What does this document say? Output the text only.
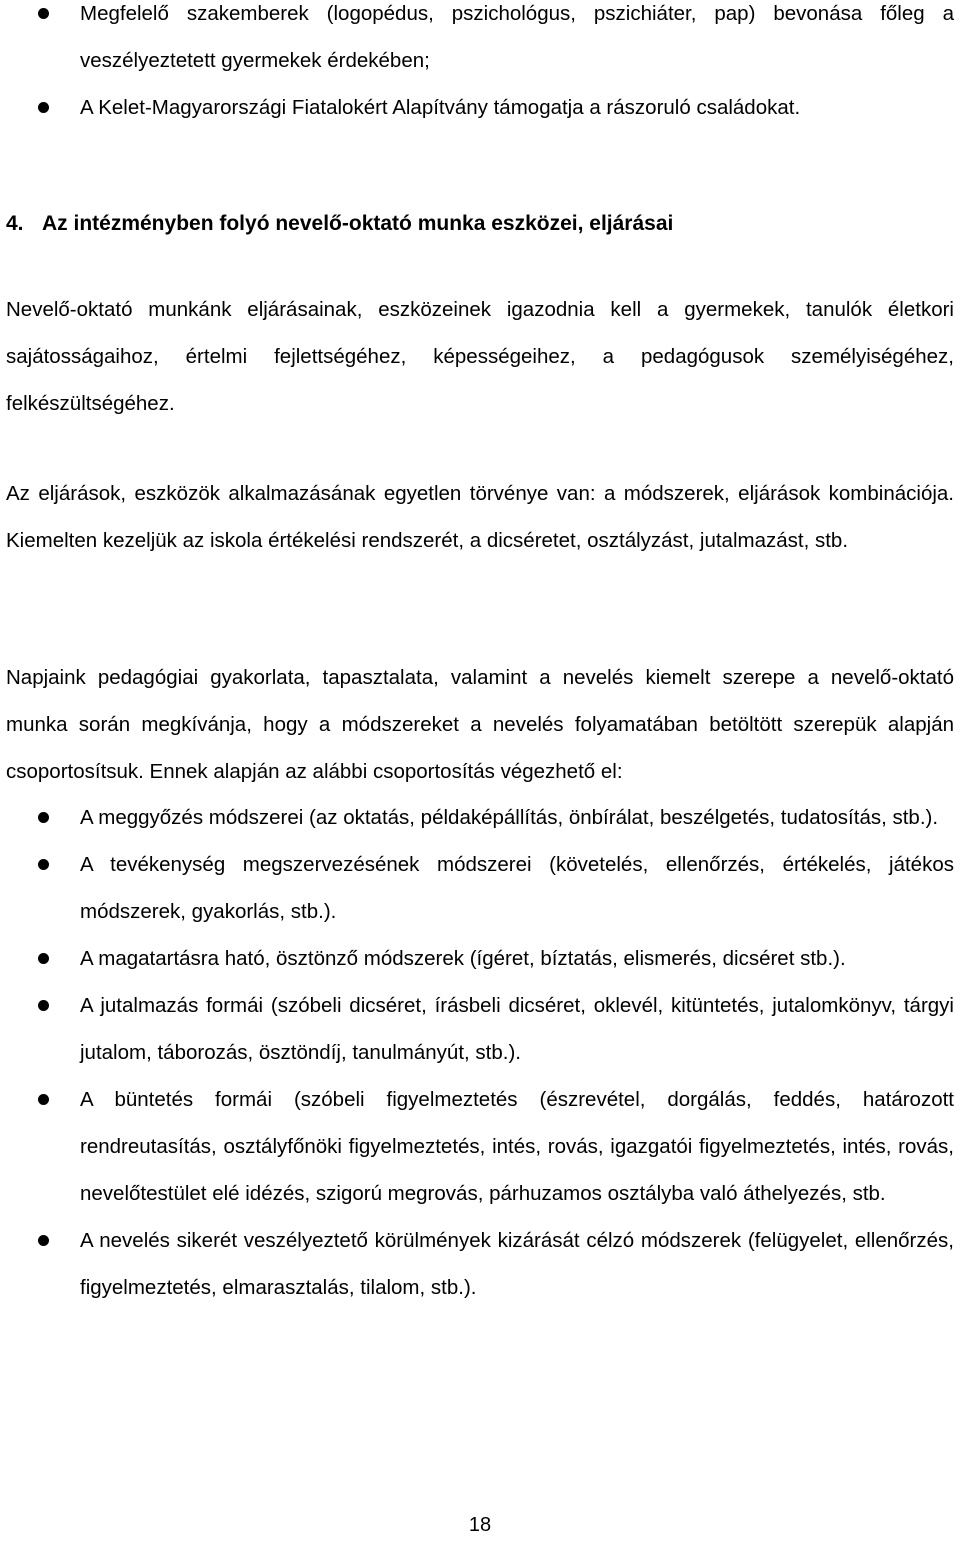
Megfelelő szakemberek (logopédus, pszichológus, pszichiáter, pap) bevonása főleg a veszélyeztetett gyermekek érdekében;
A Kelet-Magyarországi Fiatalokért Alapítvány támogatja a rászoruló családokat.
4. Az intézményben folyó nevelő-oktató munka eszközei, eljárásai
Nevelő-oktató munkánk eljárásainak, eszközeinek igazodnia kell a gyermekek, tanulók életkori sajátosságaihoz, értelmi fejlettségéhez, képességeihez, a pedagógusok személyiségéhez, felkészültségéhez.
Az eljárások, eszközök alkalmazásának egyetlen törvénye van: a módszerek, eljárások kombinációja. Kiemelten kezeljük az iskola értékelési rendszerét, a dicséretet, osztályzást, jutalmazást, stb.
Napjaink pedagógiai gyakorlata, tapasztalata, valamint a nevelés kiemelt szerepe a nevelő-oktató munka során megkívánja, hogy a módszereket a nevelés folyamatában betöltött szerepük alapján csoportosítsuk. Ennek alapján az alábbi csoportosítás végezhető el:
A meggyőzés módszerei (az oktatás, példaképállítás, önbírálat, beszélgetés, tudatosítás, stb.).
A tevékenység megszervezésének módszerei (követelés, ellenőrzés, értékelés, játékos módszerek, gyakorlás, stb.).
A magatartásra ható, ösztönző módszerek (ígéret, bíztatás, elismerés, dicséret stb.).
A jutalmazás formái (szóbeli dicséret, írásbeli dicséret, oklevél, kitüntetés, jutalomkönyv, tárgyi jutalom, táborozás, ösztöndíj, tanulmányút, stb.).
A büntetés formái (szóbeli figyelmeztetés (észrevétel, dorgálás, feddés, határozott rendreutasítás, osztályfőnöki figyelmeztetés, intés, rovás, igazgatói figyelmeztetés, intés, rovás, nevelőtestület elé idézés, szigorú megrovás, párhuzamos osztályba való áthelyezés, stb.
A nevelés sikerét veszélyeztető körülmények kizárását célzó módszerek (felügyelet, ellenőrzés, figyelmeztetés, elmarasztalás, tilalom, stb.).
18
